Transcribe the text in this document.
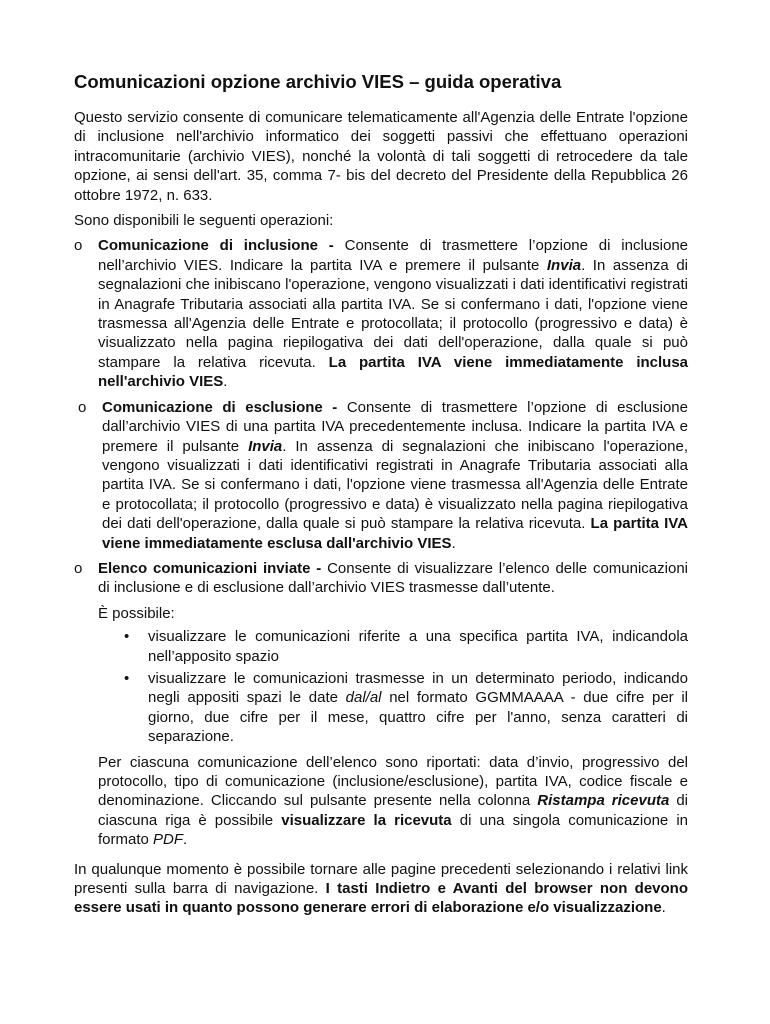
Comunicazioni opzione archivio VIES – guida operativa

Questo servizio consente di comunicare telematicamente all'Agenzia delle Entrate l'opzione di inclusione nell'archivio informatico dei soggetti passivi che effettuano operazioni intracomunitarie (archivio VIES), nonché la volontà di tali soggetti di retrocedere da tale opzione, ai sensi dell'art. 35, comma 7- bis del decreto del Presidente della Repubblica 26 ottobre 1972, n. 633.

Sono disponibili le seguenti operazioni:

o Comunicazione di inclusione - Consente di trasmettere l’opzione di inclusione nell’archivio VIES. Indicare la partita IVA e premere il pulsante Invia. In assenza di segnalazioni che inibiscano l'operazione, vengono visualizzati i dati identificativi registrati in Anagrafe Tributaria associati alla partita IVA. Se si confermano i dati, l'opzione viene trasmessa all'Agenzia delle Entrate e protocollata; il protocollo (progressivo e data) è visualizzato nella pagina riepilogativa dei dati dell'operazione, dalla quale si può stampare la relativa ricevuta. La partita IVA viene immediatamente inclusa nell'archivio VIES.

o Comunicazione di esclusione - Consente di trasmettere l’opzione di esclusione dall’archivio VIES di una partita IVA precedentemente inclusa. Indicare la partita IVA e premere il pulsante Invia. In assenza di segnalazioni che inibiscano l'operazione, vengono visualizzati i dati identificativi registrati in Anagrafe Tributaria associati alla partita IVA. Se si confermano i dati, l'opzione viene trasmessa all'Agenzia delle Entrate e protocollata; il protocollo (progressivo e data) è visualizzato nella pagina riepilogativa dei dati dell'operazione, dalla quale si può stampare la relativa ricevuta. La partita IVA viene immediatamente esclusa dall'archivio VIES.

o Elenco comunicazioni inviate - Consente di visualizzare l’elenco delle comunicazioni di inclusione e di esclusione dall’archivio VIES trasmesse dall’utente.

È possibile:

• visualizzare le comunicazioni riferite a una specifica partita IVA, indicandola nell’apposito spazio

• visualizzare le comunicazioni trasmesse in un determinato periodo, indicando negli appositi spazi le date dal/al nel formato GGMMAAAA - due cifre per il giorno, due cifre per il mese, quattro cifre per l'anno, senza caratteri di separazione.

Per ciascuna comunicazione dell’elenco sono riportati: data d’invio, progressivo del protocollo, tipo di comunicazione (inclusione/esclusione), partita IVA, codice fiscale e denominazione. Cliccando sul pulsante presente nella colonna Ristampa ricevuta di ciascuna riga è possibile visualizzare la ricevuta di una singola comunicazione in formato PDF.

In qualunque momento è possibile tornare alle pagine precedenti selezionando i relativi link presenti sulla barra di navigazione. I tasti Indietro e Avanti del browser non devono essere usati in quanto possono generare errori di elaborazione e/o visualizzazione.
